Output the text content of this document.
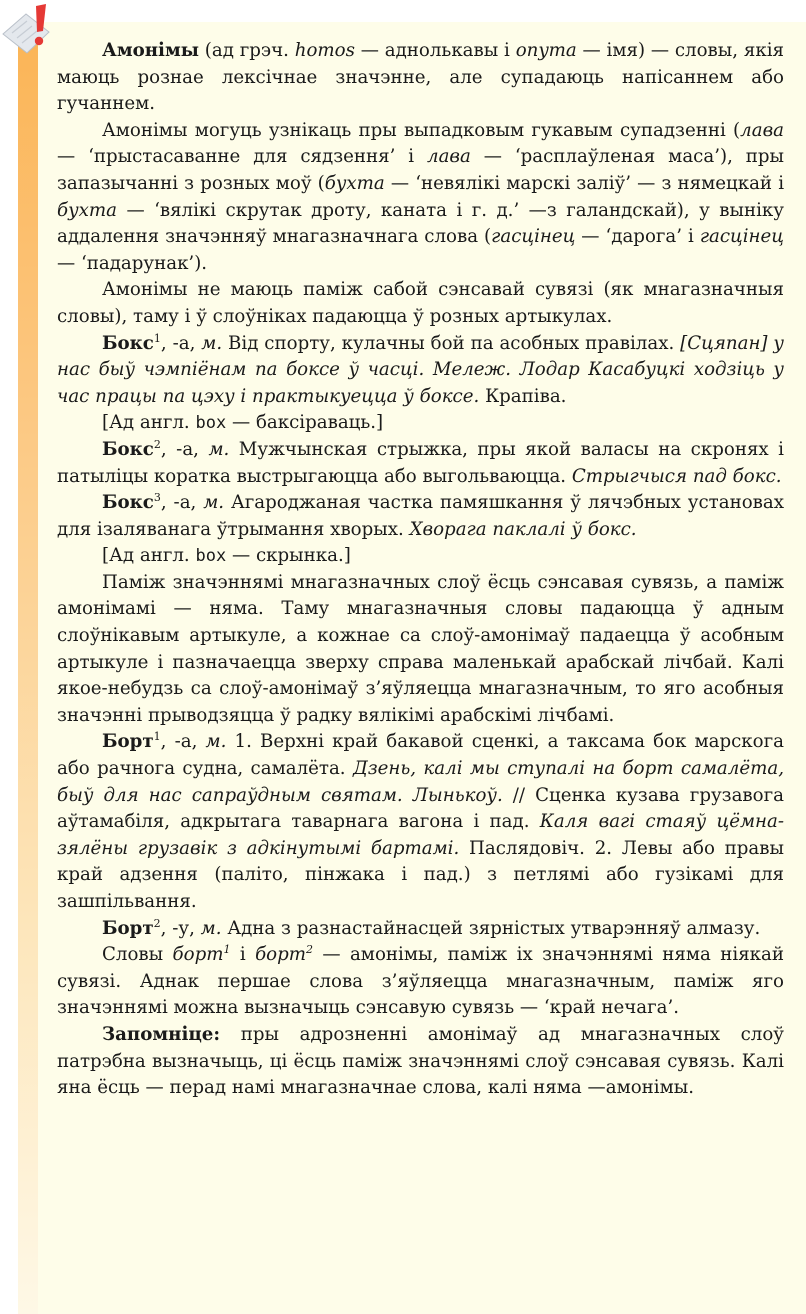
Амонімы (ад грэч. homos — аднолькавы і onyma — імя) — словы, якія маюць рознае лексічнае значэнне, але супадаюць напісаннем або гучаннем.

Амонімы могуць узнікаць пры выпадковым гукавым супадзенні (лава — ‘прыстасаванне для сядзення’ і лава — ‘расплаўленая маса’), пры запазычанні з розных моў (бухта — ‘невялікі марскі заліў’ — з нямецкай і бухта — ‘вялікі скрутак дроту, каната і г. д.’ —з галандскай), у выніку аддалення значэнняў мнагазначнага слова (гасцінец — ‘дарога’ і гасцінец — ‘падарунак’).

Амонімы не маюць паміж сабой сэнсавай сувязі (як мнагазначныя словы), таму і ў слоўніках падаюцца ў розных артыкулах.

Бокс$^1$, -а, м. Від спорту, кулачны бой па асобных правілах. [Сцяпан] у нас быў чэмпіёнам па боксе ў часці. Мележ. Лодар Касабуцкі ходзіць у час працы па цэху і практыкуецца ў боксе. Крапіва.

[Ад англ. box — баксіраваць.]

Бокс$^2$, -а, м. Мужчынская стрыжка, пры якой валасы на скронях і патыліцы коратка выстрыгаюцца або выгольваюцца. Стрыгчыся пад бокс.

Бокс$^3$, -а, м. Агароджаная частка памяшкання ў лячэбных установах для ізаляванага ўтрымання хворых. Хворага паклалі ў бокс.

[Ад англ. box — скрынка.]

Паміж значэннямі мнагазначных слоў ёсць сэнсавая сувязь, а паміж амонімамі — няма. Таму мнагазначныя словы падаюцца ў адным слоўнікавым артыкуле, а кожнае са слоў-амонімаў падаецца ў асобным артыкуле і пазначаецца зверху справа маленькай арабскай лічбай. Калі якое-небудзь са слоў-амонімаў з’яўляецца мнагазначным, то яго асобныя значэнні прыводзяцца ў радку вялікімі арабскімі лічбамі.

Борт$^1$, -а, м. 1. Верхні край бакавой сценкі, а таксама бок марскога або рачнога судна, самалёта. Дзень, калі мы ступалі на борт самалёта, быў для нас сапраўдным святам. Лынькоў. // Сценка кузава грузавога аўтамабіля, адкрытага таварнага вагона і пад. Каля вагі стаяў цёмна-зялёны грузавік з адкінутымі бартамі. Паслядовіч. 2. Левы або правы край адзення (паліто, пінжака і пад.) з петлямі або гузікамі для зашпільвання.

Борт$^2$, -у, м. Адна з разнастайнасцей зярністых утварэнняў алмазу.

Словы борт$^1$ і борт$^2$ — амонімы, паміж іх значэннямі няма ніякай сувязі. Аднак першае слова з’яўляецца мнагазначным, паміж яго значэннямі можна вызначыць сэнсавую сувязь — ‘край нечага’.

Запомніце: пры адрозненні амонімаў ад мнагазначных слоў патрэбна вызначыць, ці ёсць паміж значэннямі слоў сэнсавая сувязь. Калі яна ёсць — перад намі мнагазначнае слова, калі няма —амонімы.
